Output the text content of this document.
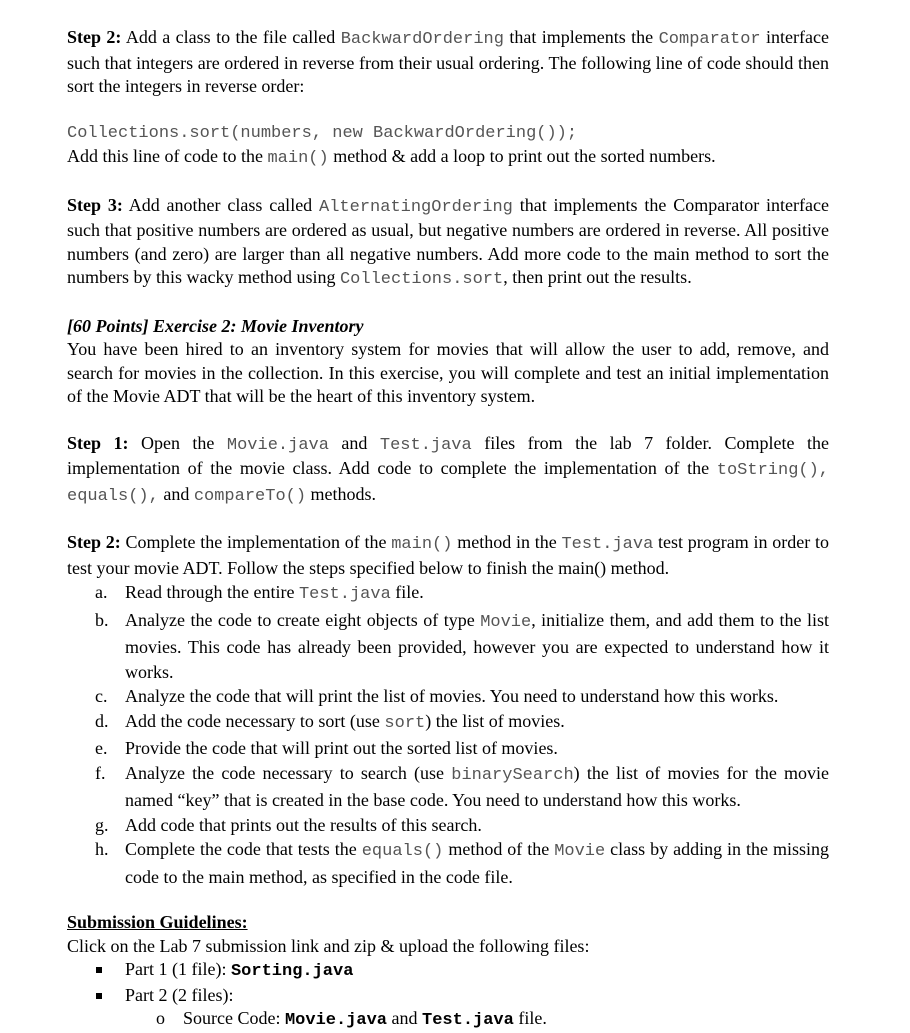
Step 2: Add a class to the file called BackwardOrdering that implements the Comparator interface such that integers are ordered in reverse from their usual ordering. The following line of code should then sort the integers in reverse order:

Collections.sort(numbers, new BackwardOrdering());

Add this line of code to the main() method & add a loop to print out the sorted numbers.

Step 3: Add another class called AlternatingOrdering that implements the Comparator interface such that positive numbers are ordered as usual, but negative numbers are ordered in reverse. All positive numbers (and zero) are larger than all negative numbers. Add more code to the main method to sort the numbers by this wacky method using Collections.sort, then print out the results.

[60 Points] Exercise 2: Movie Inventory

You have been hired to an inventory system for movies that will allow the user to add, remove, and search for movies in the collection. In this exercise, you will complete and test an initial implementation of the Movie ADT that will be the heart of this inventory system.

Step 1: Open the Movie.java and Test.java files from the lab 7 folder. Complete the implementation of the movie class. Add code to complete the implementation of the toString(), equals(), and compareTo() methods.

Step 2: Complete the implementation of the main() method in the Test.java test program in order to test your movie ADT. Follow the steps specified below to finish the main() method.

a. Read through the entire Test.java file.
b. Analyze the code to create eight objects of type Movie, initialize them, and add them to the list movies. This code has already been provided, however you are expected to understand how it works.
c. Analyze the code that will print the list of movies. You need to understand how this works.
d. Add the code necessary to sort (use sort) the list of movies.
e. Provide the code that will print out the sorted list of movies.
f. Analyze the code necessary to search (use binarySearch) the list of movies for the movie named “key” that is created in the base code. You need to understand how this works.
g. Add code that prints out the results of this search.
h. Complete the code that tests the equals() method of the Movie class by adding in the missing code to the main method, as specified in the code file.

Submission Guidelines:

Click on the Lab 7 submission link and zip & upload the following files:

Part 1 (1 file): Sorting.java
Part 2 (2 files):
o Source Code: Movie.java and Test.java file.
